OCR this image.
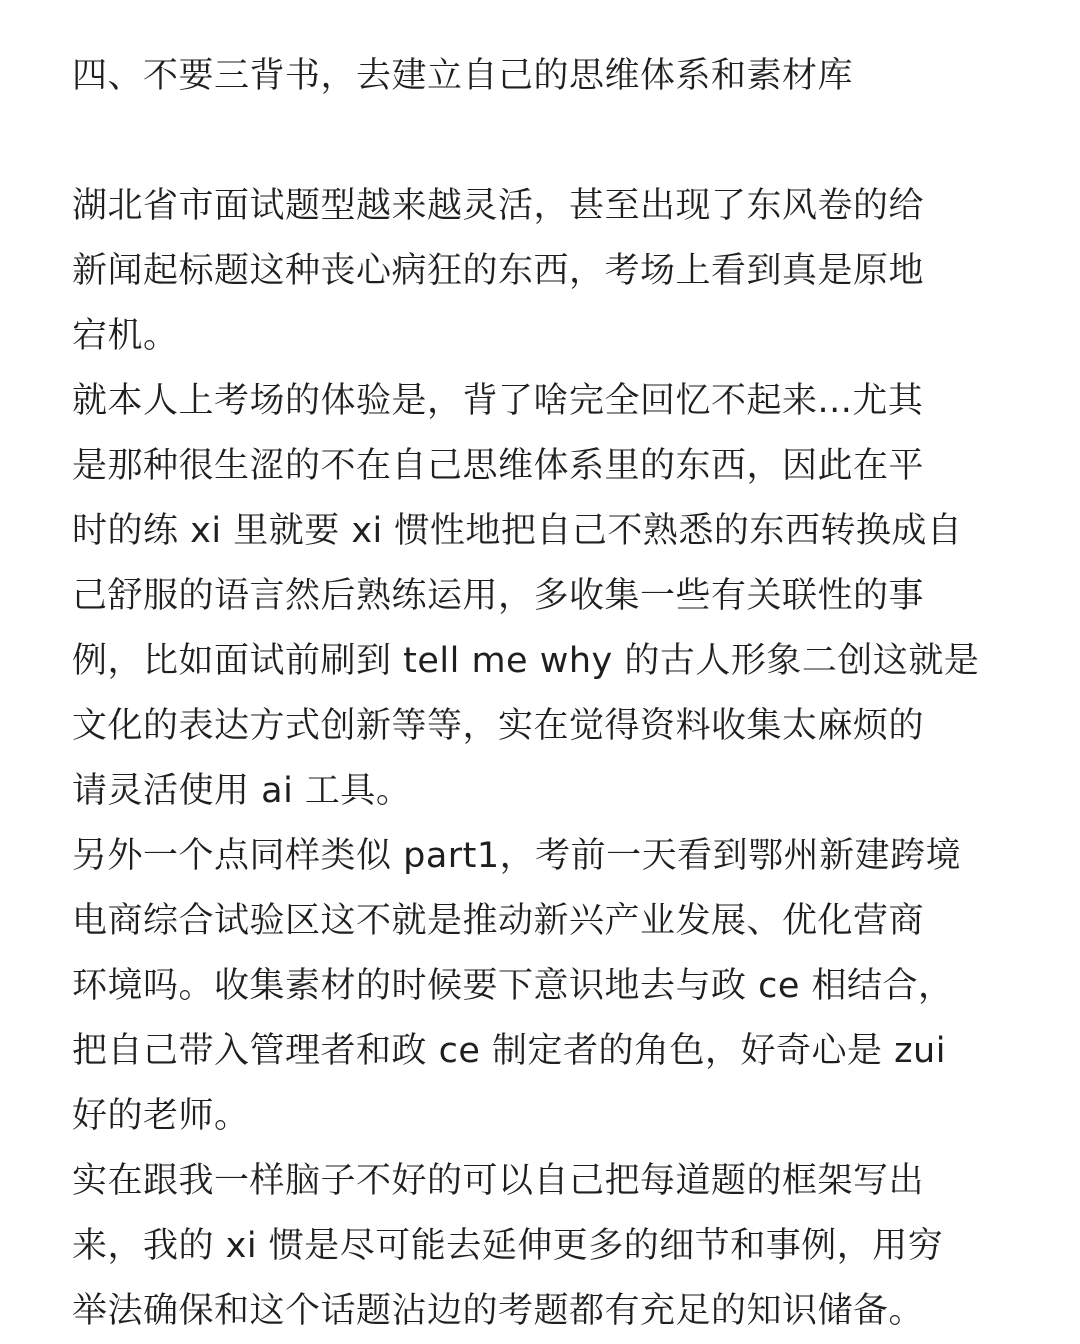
四、不要三背书，去建立自己的思维体系和素材库
湖北省市面试题型越来越灵活，甚至出现了东风卷的给
新闻起标题这种丧心病狂的东西，考场上看到真是原地
宕机。
就本人上考场的体验是，背了啥完全回忆不起来...尤其
是那种很生涩的不在自己思维体系里的东西，因此在平
时的练 xi 里就要 xi 惯性地把自己不熟悉的东西转换成自
己舒服的语言然后熟练运用，多收集一些有关联性的事
例，比如面试前刷到 tell me why 的古人形象二创这就是
文化的表达方式创新等等，实在觉得资料收集太麻烦的
请灵活使用 ai 工具。
另外一个点同样类似 part1，考前一天看到鄂州新建跨境
电商综合试验区这不就是推动新兴产业发展、优化营商
环境吗。收集素材的时候要下意识地去与政 ce 相结合，
把自己带入管理者和政 ce 制定者的角色，好奇心是 zui
好的老师。
实在跟我一样脑子不好的可以自己把每道题的框架写出
来，我的 xi 惯是尽可能去延伸更多的细节和事例，用穷
举法确保和这个话题沾边的考题都有充足的知识储备。
